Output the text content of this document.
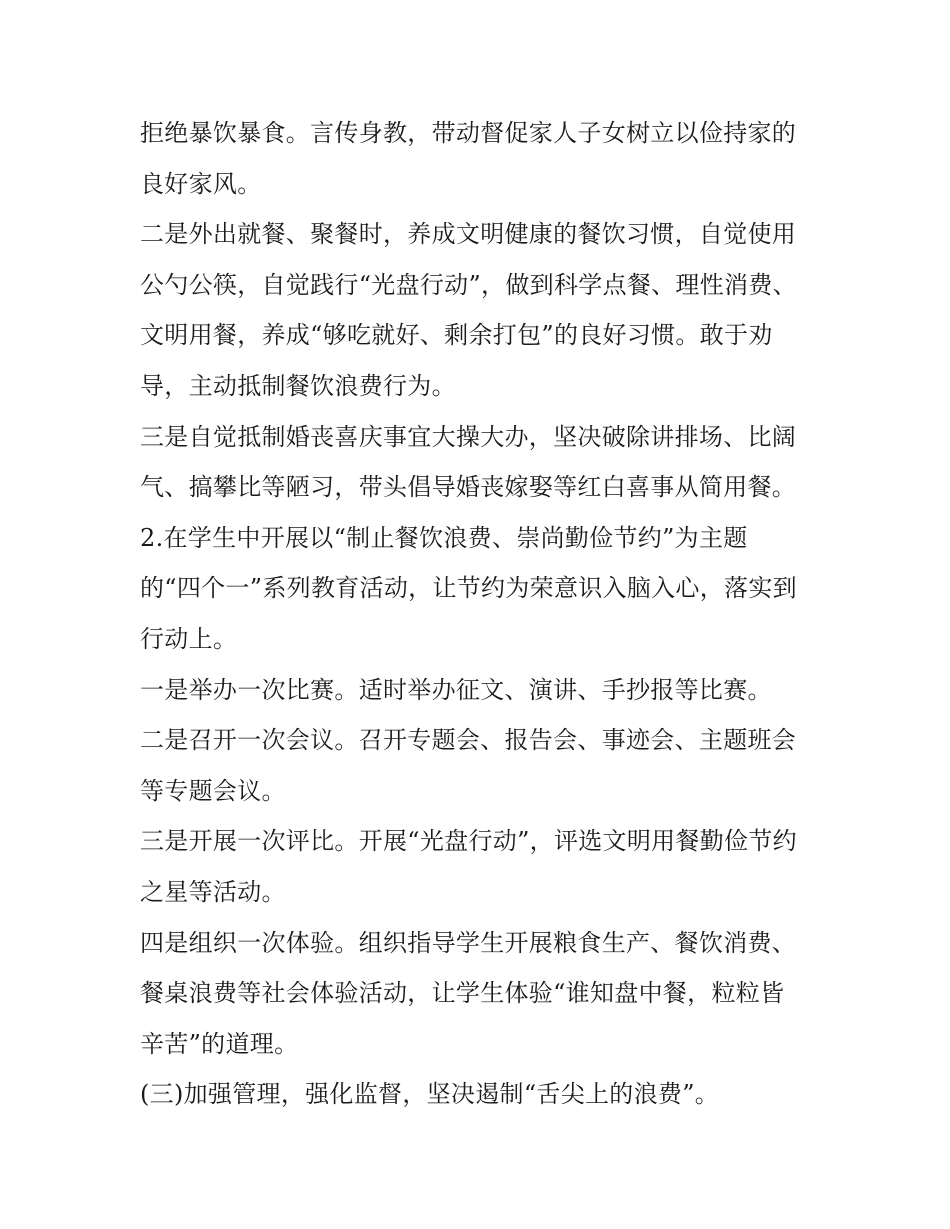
拒绝暴饮暴食。言传身教，带动督促家人子女树立以俭持家的
良好家风。
二是外出就餐、聚餐时，养成文明健康的餐饮习惯，自觉使用
公勺公筷，自觉践行“光盘行动”，做到科学点餐、理性消费、
文明用餐，养成“够吃就好、剩余打包”的良好习惯。敢于劝
导，主动抵制餐饮浪费行为。
三是自觉抵制婚丧喜庆事宜大操大办，坚决破除讲排场、比阔
气、搞攀比等陋习，带头倡导婚丧嫁娶等红白喜事从简用餐。
2.在学生中开展以“制止餐饮浪费、崇尚勤俭节约”为主题
的“四个一”系列教育活动，让节约为荣意识入脑入心，落实到
行动上。
一是举办一次比赛。适时举办征文、演讲、手抄报等比赛。
二是召开一次会议。召开专题会、报告会、事迹会、主题班会
等专题会议。
三是开展一次评比。开展“光盘行动”，评选文明用餐勤俭节约
之星等活动。
四是组织一次体验。组织指导学生开展粮食生产、餐饮消费、
餐桌浪费等社会体验活动，让学生体验“谁知盘中餐，粒粒皆
辛苦”的道理。
(三)加强管理，强化监督，坚决遏制“舌尖上的浪费”。
